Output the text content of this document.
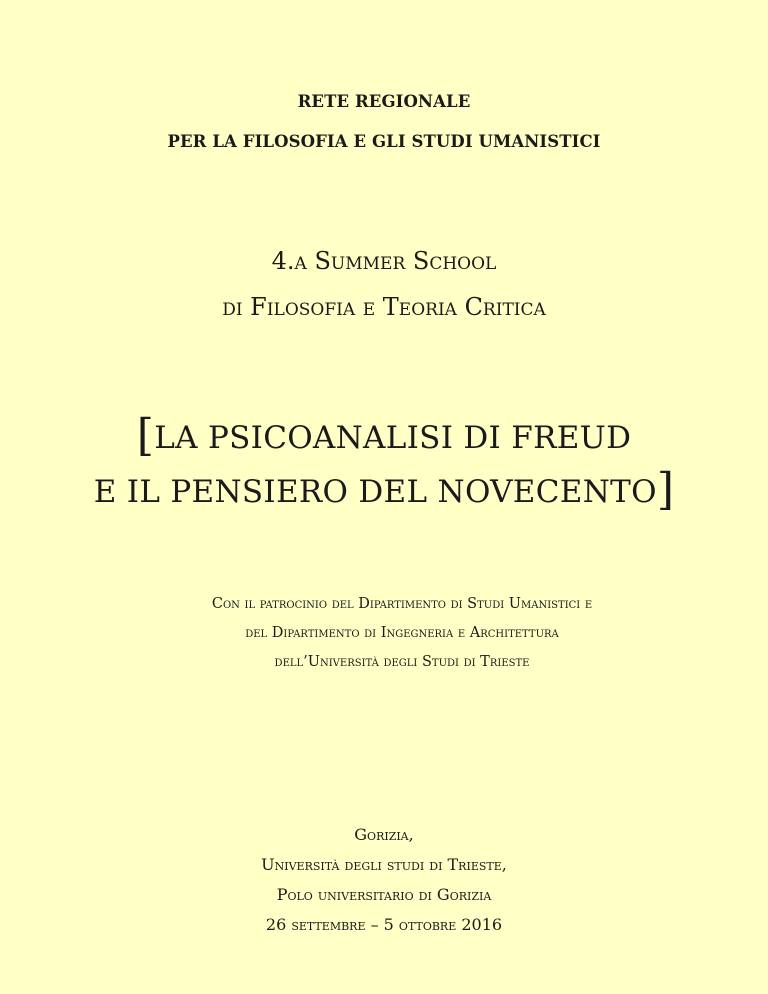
RETE REGIONALE
PER LA FILOSOFIA E GLI STUDI UMANISTICI
4.a Summer School
di Filosofia e Teoria Critica
[LA PSICOANALISI DI FREUD
E IL PENSIERO DEL NOVECENTO]
Con il patrocinio del Dipartimento di Studi Umanistici e
del Dipartimento di Ingegneria e Architettura
dell’Università degli Studi di Trieste
Gorizia,
Università degli studi di Trieste,
Polo universitario di Gorizia
26 settembre – 5 ottobre 2016
